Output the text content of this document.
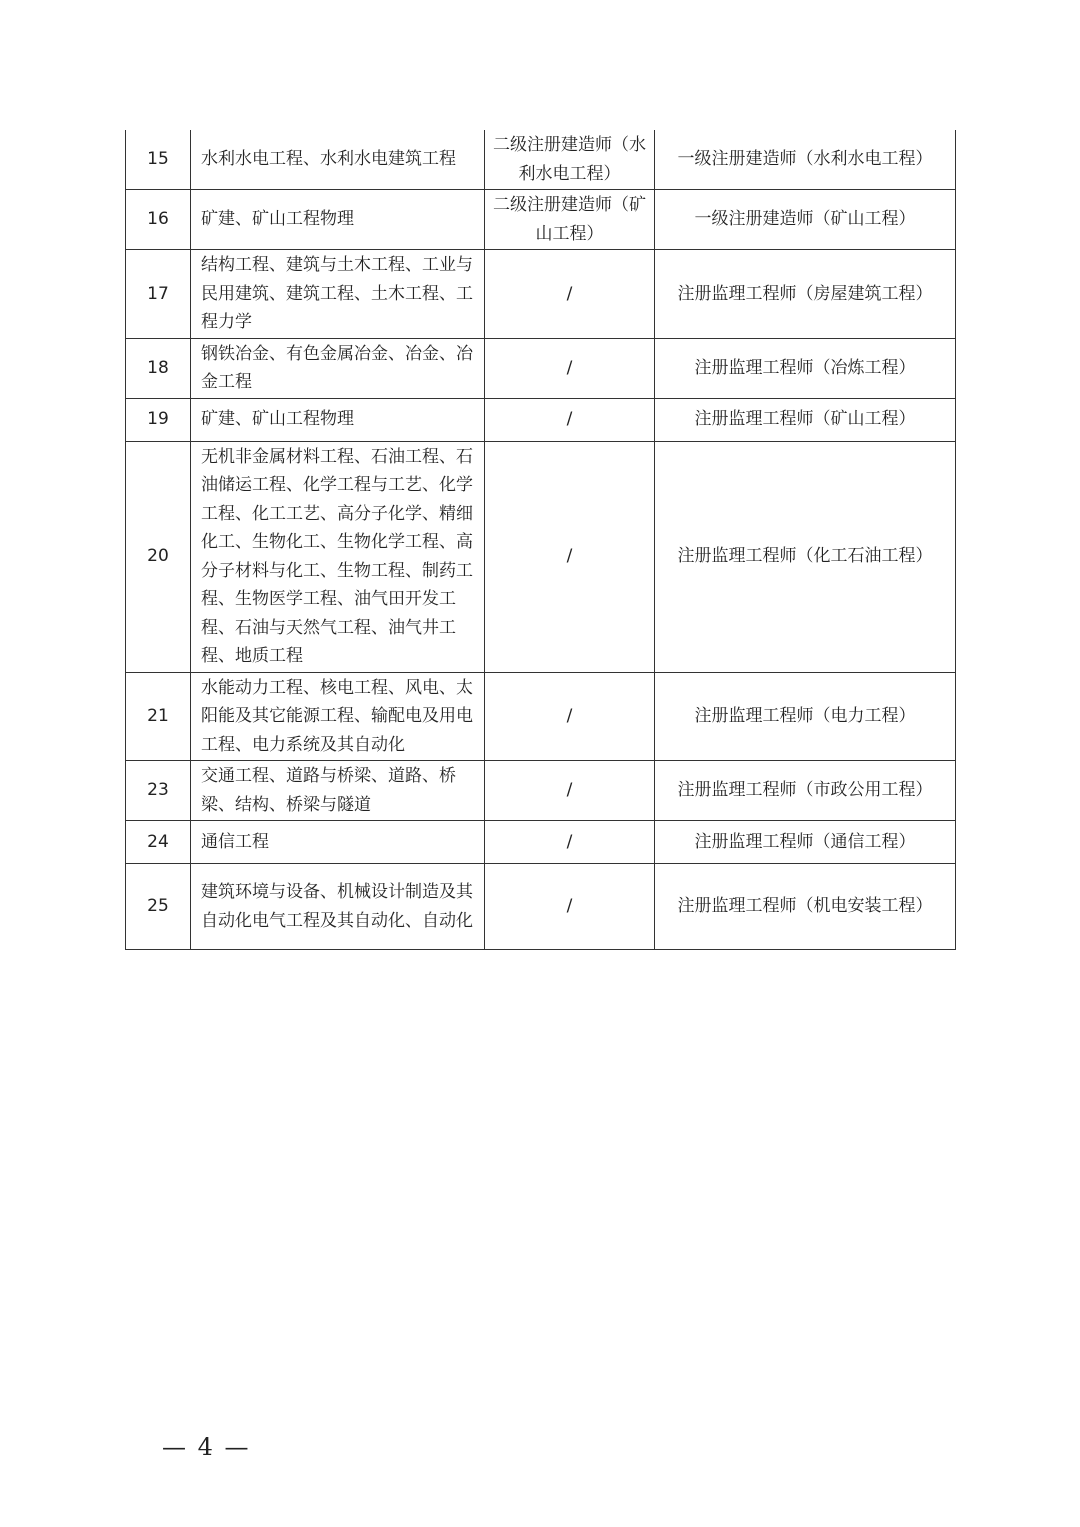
15	水利水电工程、水利水电建筑工程	二级注册建造师（水利水电工程）	一级注册建造师（水利水电工程）
16	矿建、矿山工程物理	二级注册建造师（矿山工程）	一级注册建造师（矿山工程）
17	结构工程、建筑与土木工程、工业与民用建筑、建筑工程、土木工程、工程力学	/	注册监理工程师（房屋建筑工程）
18	钢铁冶金、有色金属冶金、冶金、冶金工程	/	注册监理工程师（冶炼工程）
19	矿建、矿山工程物理	/	注册监理工程师（矿山工程）
20	无机非金属材料工程、石油工程、石油储运工程、化学工程与工艺、化学工程、化工工艺、高分子化学、精细化工、生物化工、生物化学工程、高分子材料与化工、生物工程、制药工程、生物医学工程、油气田开发工程、石油与天然气工程、油气井工程、地质工程	/	注册监理工程师（化工石油工程）
21	水能动力工程、核电工程、风电、太阳能及其它能源工程、输配电及用电工程、电力系统及其自动化	/	注册监理工程师（电力工程）
23	交通工程、道路与桥梁、道路、桥梁、结构、桥梁与隧道	/	注册监理工程师（市政公用工程）
24	通信工程	/	注册监理工程师（通信工程）
25	建筑环境与设备、机械设计制造及其自动化电气工程及其自动化、自动化	/	注册监理工程师（机电安装工程）
— 4 —
